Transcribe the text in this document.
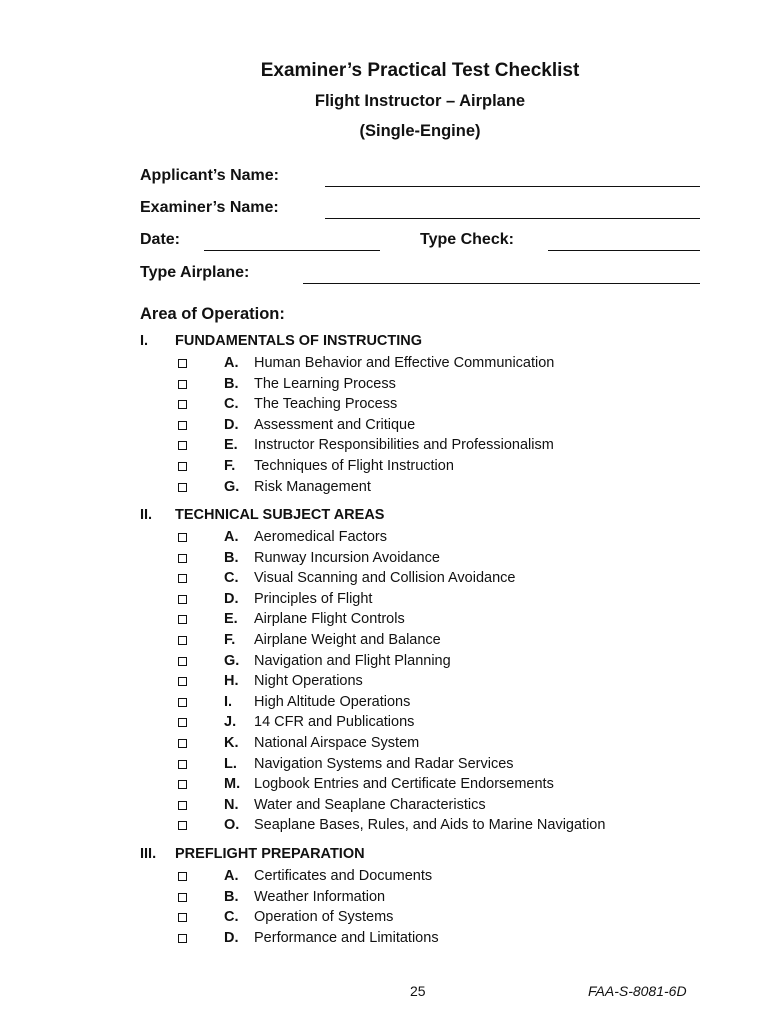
Examiner’s Practical Test Checklist
Flight Instructor – Airplane
(Single-Engine)
Applicant’s Name:
Examiner’s Name:
Date:	Type Check:
Type Airplane:
Area of Operation:
I. FUNDAMENTALS OF INSTRUCTING
A. Human Behavior and Effective Communication
B. The Learning Process
C. The Teaching Process
D. Assessment and Critique
E. Instructor Responsibilities and Professionalism
F. Techniques of Flight Instruction
G. Risk Management
II. TECHNICAL SUBJECT AREAS
A. Aeromedical Factors
B. Runway Incursion Avoidance
C. Visual Scanning and Collision Avoidance
D. Principles of Flight
E. Airplane Flight Controls
F. Airplane Weight and Balance
G. Navigation and Flight Planning
H. Night Operations
I. High Altitude Operations
J. 14 CFR and Publications
K. National Airspace System
L. Navigation Systems and Radar Services
M. Logbook Entries and Certificate Endorsements
N. Water and Seaplane Characteristics
O. Seaplane Bases, Rules, and Aids to Marine Navigation
III. PREFLIGHT PREPARATION
A. Certificates and Documents
B. Weather Information
C. Operation of Systems
D. Performance and Limitations
25	FAA-S-8081-6D
